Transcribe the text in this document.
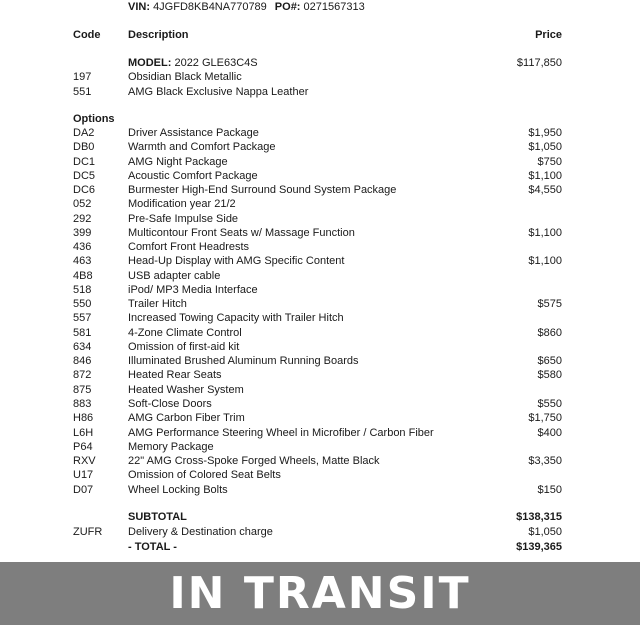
VIN: 4JGFD8KB4NA770789 PO#: 0271567313
Code	Description	Price
MODEL: 2022 GLE63C4S	$117,850
197	Obsidian Black Metallic
551	AMG Black Exclusive Nappa Leather
Options
DA2	Driver Assistance Package	$1,950
DB0	Warmth and Comfort Package	$1,050
DC1	AMG Night Package	$750
DC5	Acoustic Comfort Package	$1,100
DC6	Burmester High-End Surround Sound System Package	$4,550
052	Modification year 21/2
292	Pre-Safe Impulse Side
399	Multicontour Front Seats w/ Massage Function	$1,100
436	Comfort Front Headrests
463	Head-Up Display with AMG Specific Content	$1,100
4B8	USB adapter cable
518	iPod/ MP3 Media Interface
550	Trailer Hitch	$575
557	Increased Towing Capacity with Trailer Hitch
581	4-Zone Climate Control	$860
634	Omission of first-aid kit
846	Illuminated Brushed Aluminum Running Boards	$650
872	Heated Rear Seats	$580
875	Heated Washer System
883	Soft-Close Doors	$550
H86	AMG Carbon Fiber Trim	$1,750
L6H	AMG Performance Steering Wheel in Microfiber / Carbon Fiber	$400
P64	Memory Package
RXV	22" AMG Cross-Spoke Forged Wheels, Matte Black	$3,350
U17	Omission of Colored Seat Belts
D07	Wheel Locking Bolts	$150
SUBTOTAL	$138,315
ZUFR Delivery & Destination charge	$1,050
- TOTAL -	$139,365
IN TRANSIT
